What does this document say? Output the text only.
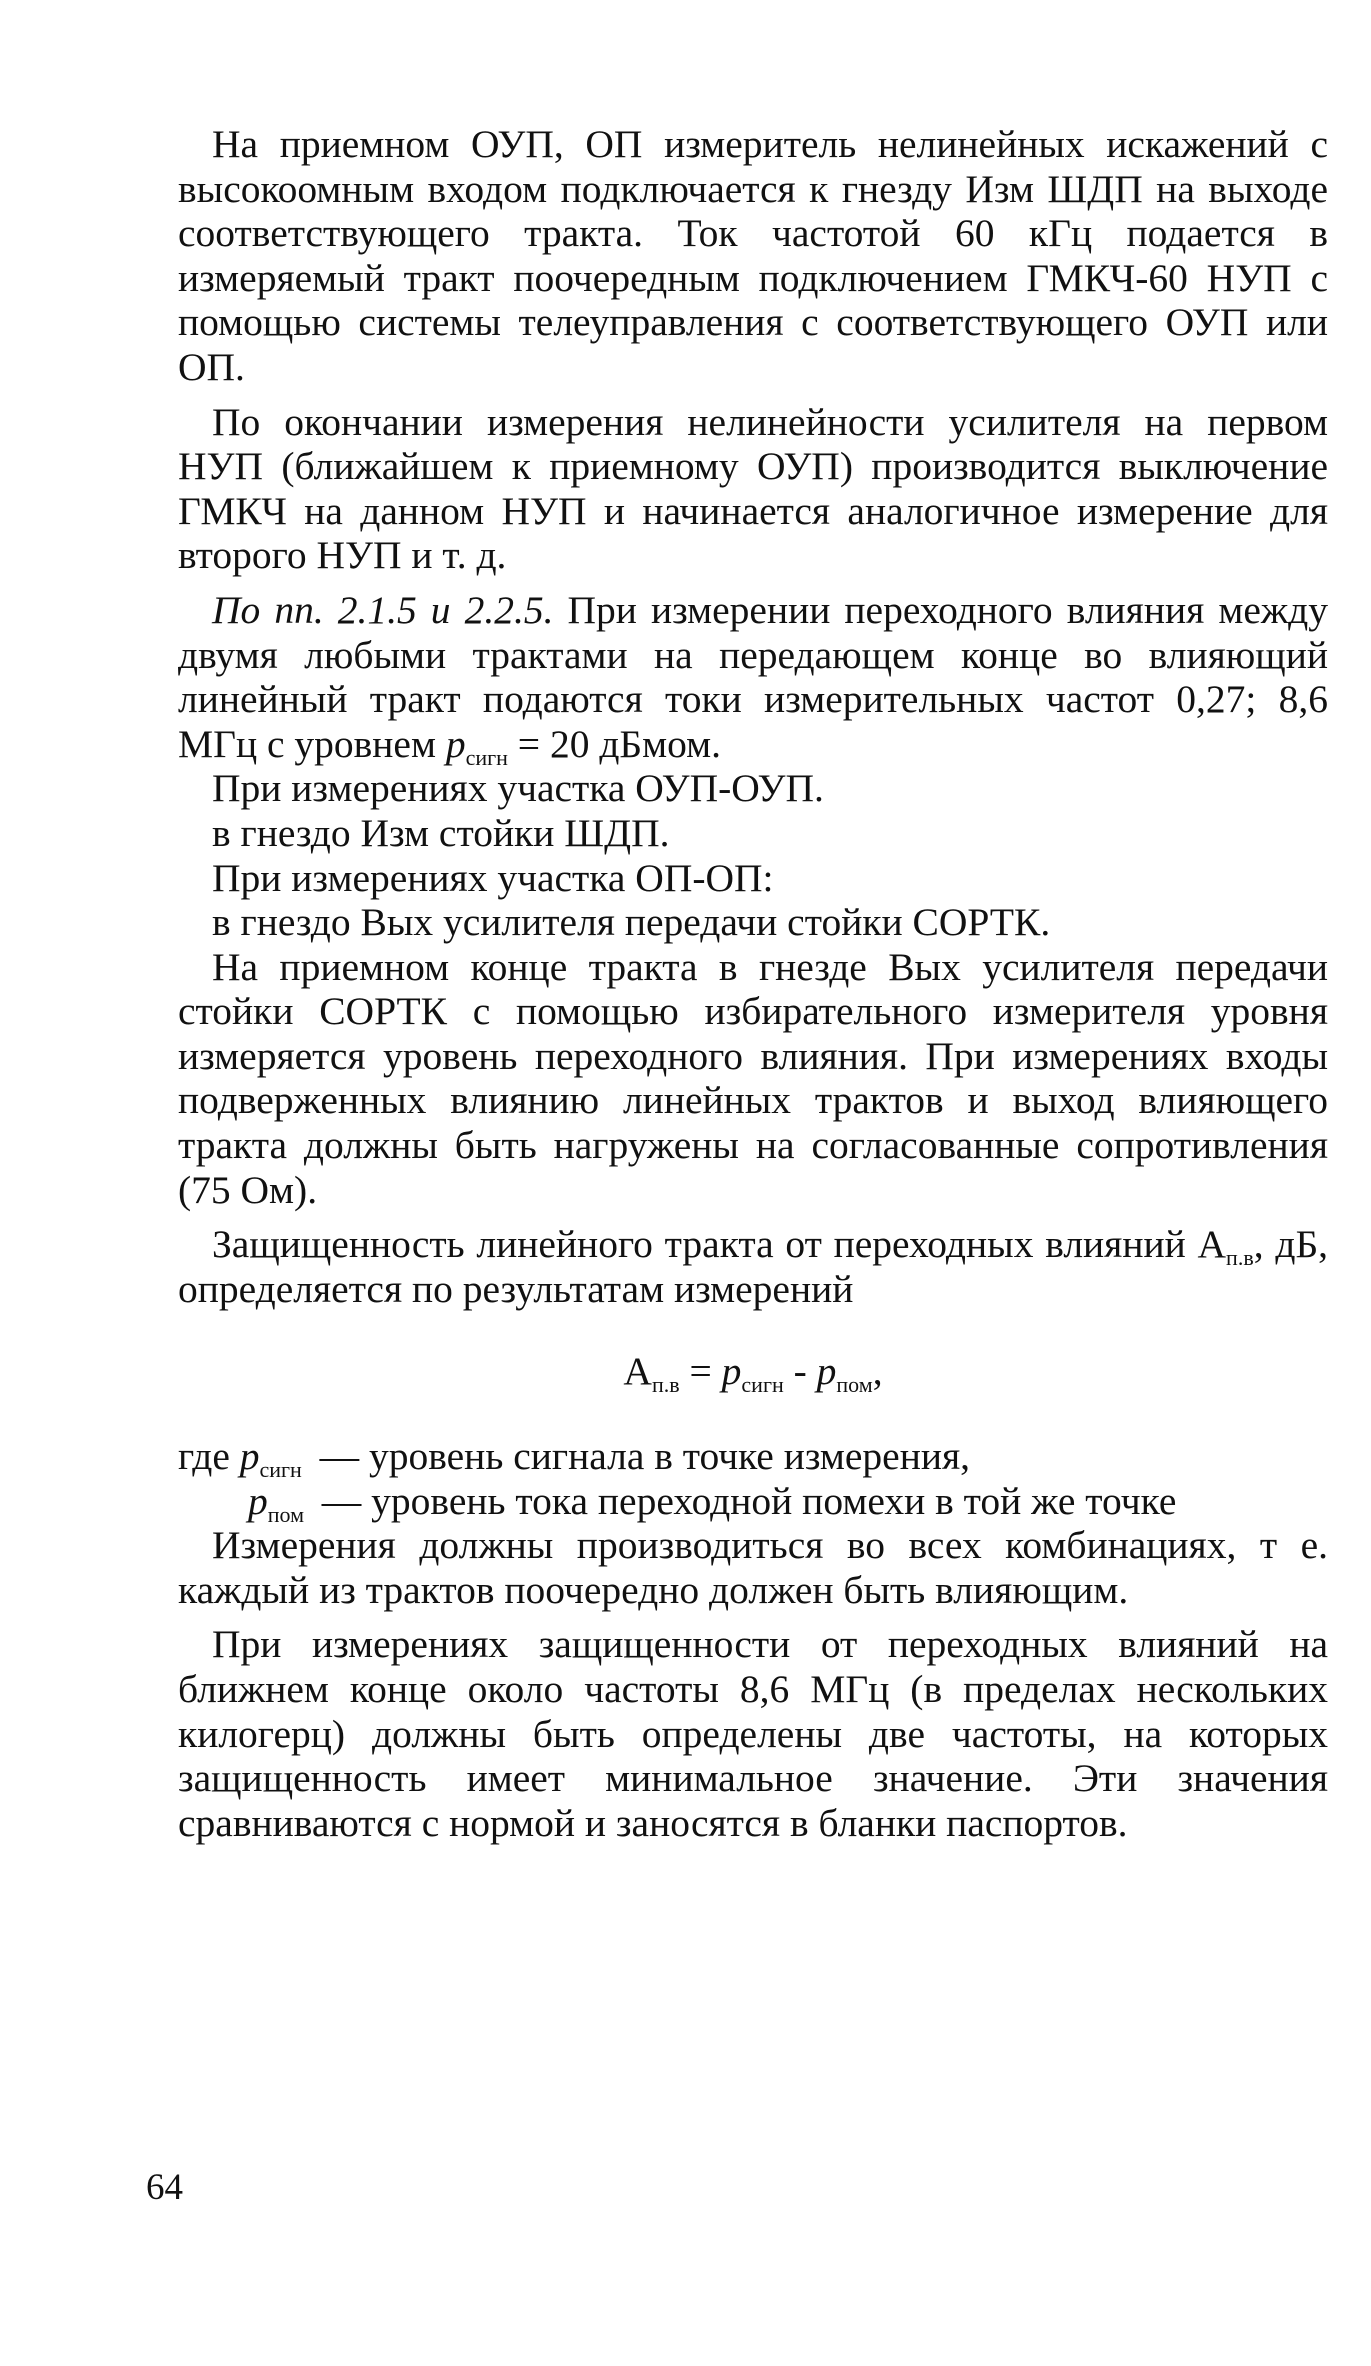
На приемном ОУП, ОП измеритель нелинейных искажений с высокоомным входом подключается к гнезду Изм ШДП на выходе соответствующего тракта. Ток частотой 60 кГц подается в измеряемый тракт поочередным подключением ГМКЧ-60 НУП с помощью системы телеуправления с соответствующего ОУП или ОП.

По окончании измерения нелинейности усилителя на первом НУП (ближайшем к приемному ОУП) производится выключение ГМКЧ на данном НУП и начинается аналогичное измерение для второго НУП и т. д.

По пп. 2.1.5 и 2.2.5. При измерении переходного влияния между двумя любыми трактами на передающем конце во влияющий линейный тракт подаются токи измерительных частот 0,27; 8,6 МГц с уровнем $p_{сигн} = 20$ дБмом.

При измерениях участка ОУП-ОУП.

в гнездо Изм стойки ШДП.

При измерениях участка ОП-ОП:

в гнездо Вых усилителя передачи стойки СОРТК.

На приемном конце тракта в гнезде Вых усилителя передачи стойки СОРТК с помощью избирательного измерителя уровня измеряется уровень переходного влияния. При измерениях входы подверженных влиянию линейных трактов и выход влияющего тракта должны быть нагружены на согласованные сопротивления (75 Ом).

Защищенность линейного тракта от переходных влияний $A_{п.в}$, дБ, определяется по результатам измерений

$A_{п.в} = p_{сигн} - p_{пом}$,

где
$p_{сигн}$ — уровень сигнала в точке измерения,
$p_{пом}$ — уровень тока переходной помехи в той же точке

Измерения должны производиться во всех комбинациях, т е. каждый из трактов поочередно должен быть влияющим.

При измерениях защищенности от переходных влияний на ближнем конце около частоты 8,6 МГц (в пределах нескольких килогерц) должны быть определены две частоты, на которых защищенность имеет минимальное значение. Эти значения сравниваются с нормой и заносятся в бланки паспортов.

64
